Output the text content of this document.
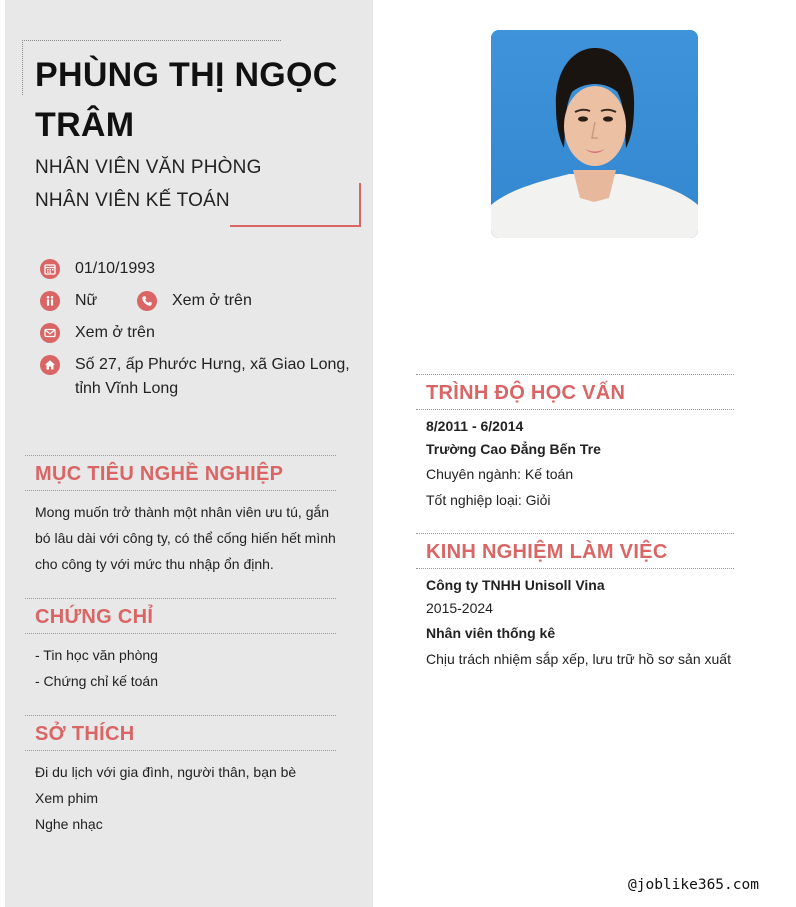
PHÙNG THỊ NGỌC TRÂM
NHÂN VIÊN VĂN PHÒNG
NHÂN VIÊN KẾ TOÁN
01/10/1993
Nữ	Xem ở trên
Xem ở trên
Số 27, ấp Phước Hưng, xã Giao Long, tỉnh Vĩnh Long
MỤC TIÊU NGHỀ NGHIỆP
Mong muốn trở thành một nhân viên ưu tú, gắn bó lâu dài với công ty, có thể cống hiến hết mình cho công ty với mức thu nhập ổn định.
CHỨNG CHỈ
- Tin học văn phòng
- Chứng chỉ kế toán
SỞ THÍCH
Đi du lịch với gia đình, người thân, bạn bè
Xem phim
Nghe nhạc
TRÌNH ĐỘ HỌC VẤN
8/2011 - 6/2014
Trường Cao Đẳng Bến Tre
Chuyên ngành: Kế toán
Tốt nghiệp loại: Giỏi
KINH NGHIỆM LÀM VIỆC
Công ty TNHH Unisoll Vina
2015-2024
Nhân viên thống kê
Chịu trách nhiệm sắp xếp, lưu trữ hồ sơ sản xuất
@joblike365.com
